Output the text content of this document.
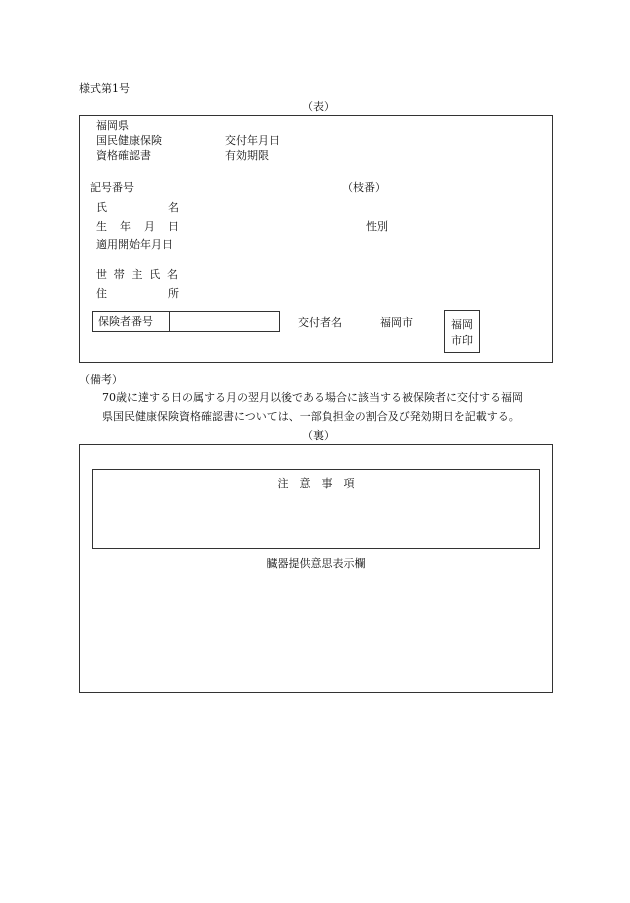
様式第1号
（表）
福岡県
国民健康保険
資格確認書
交付年月日
有効期限
記号番号	（枝番）
氏	名
生 年 月 日	性別
適用開始年月日
世帯主氏名
住	所
保険者番号	交付者名	福岡市	福岡
市印
（備考）
70歳に達する日の属する月の翌月以後である場合に該当する被保険者に交付する福岡
県国民健康保険資格確認書については、一部負担金の割合及び発効期日を記載する。
（裏）
注　意　事　項
臓器提供意思表示欄
